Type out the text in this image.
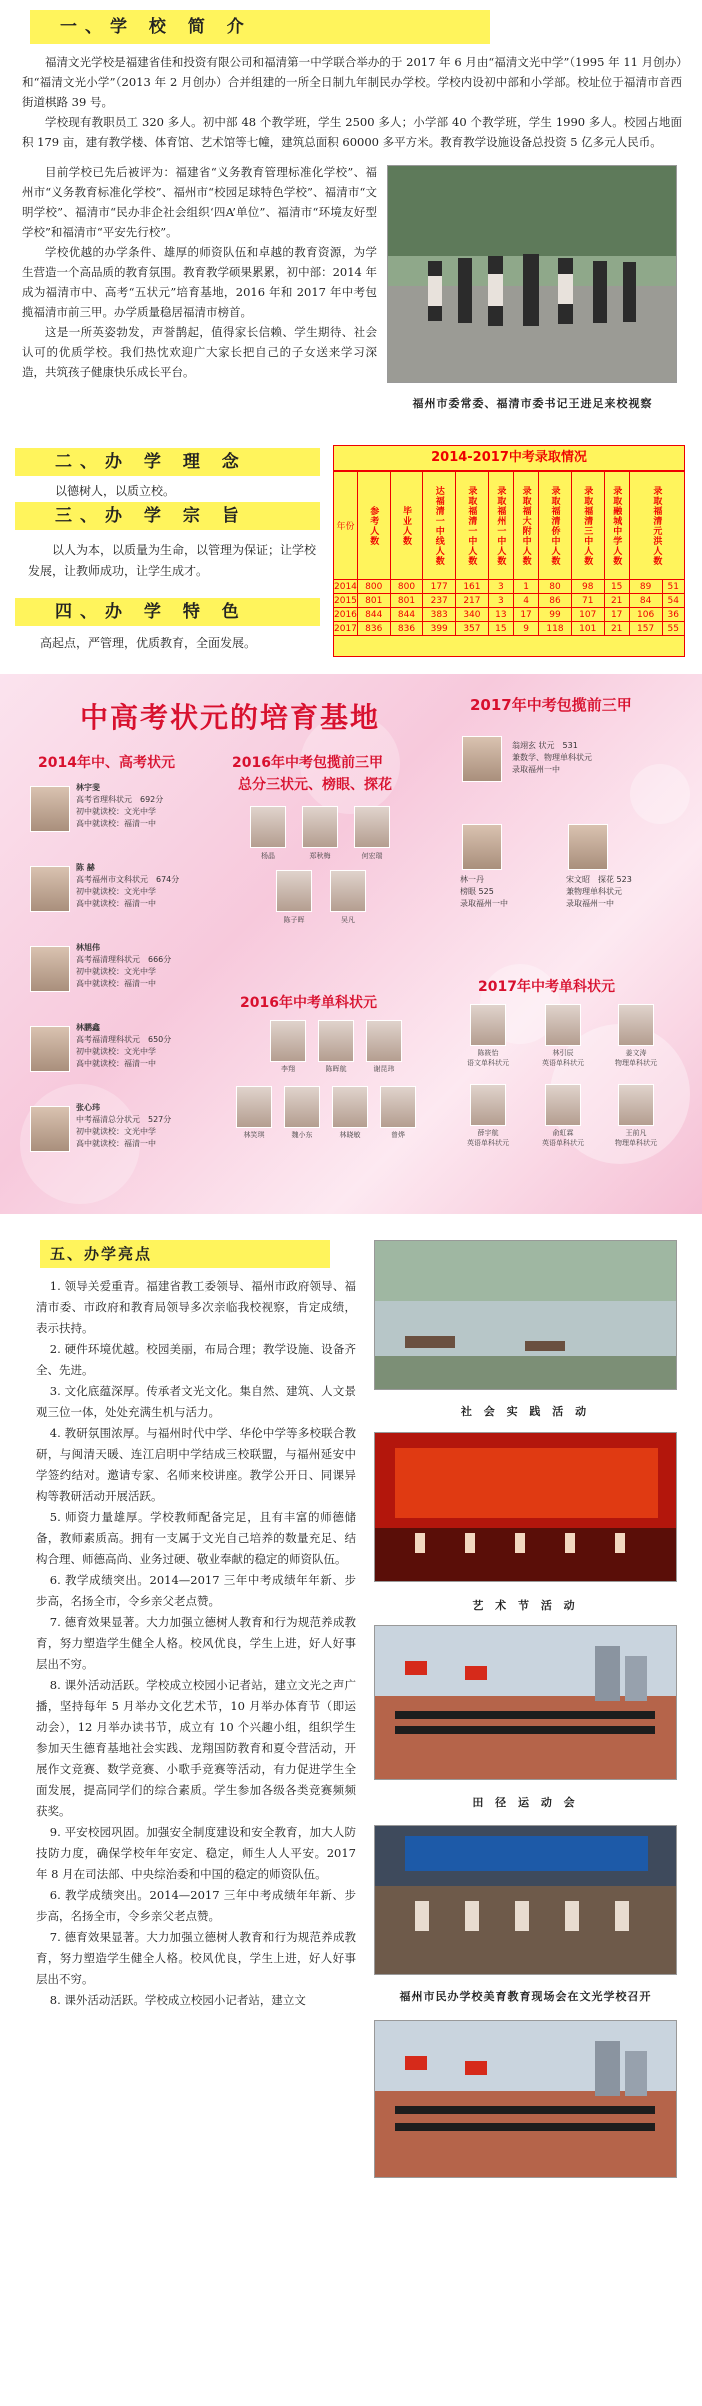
一、学 校 简 介

福清文光学校是福建省佳和投资有限公司和福清第一中学联合举办的于 2017 年 6 月由“福清文光中学”（1995 年 11 月创办）和“福清文光小学”（2013 年 2 月创办）合并组建的一所全日制九年制民办学校。学校内设初中部和小学部。校址位于福清市音西街道棋路 39 号。

学校现有教职员工 320 多人。初中部 48 个教学班，学生 2500 多人；小学部 40 个教学班，学生 1990 多人。校园占地面积 179 亩，建有教学楼、体育馆、艺术馆等七幢，建筑总面积 60000 多平方米。教育教学设施设备总投资 5 亿多元人民币。

目前学校已先后被评为：福建省“义务教育管理标准化学校”、福州市“义务教育标准化学校”、福州市“校园足球特色学校”、福清市“文明学校”、福清市“民办非企社会组织‘四A’单位”、福清市“环境友好型学校”和福清市“平安先行校”。

学校优越的办学条件、雄厚的师资队伍和卓越的教育资源，为学生营造一个高品质的教育氛围。教育教学硕果累累，初中部：2014 年成为福清市中、高考“五状元”培育基地，2016 年和 2017 年中考包揽福清市前三甲。办学质量稳居福清市榜首。

这是一所英姿勃发，声誉鹊起，值得家长信赖、学生期待、社会认可的优质学校。我们热忱欢迎广大家长把自己的子女送来学习深造，共筑孩子健康快乐成长平台。

福州市委常委、福清市委书记王进足来校视察
二、办 学 理 念
以德树人，以质立校。
三、办 学 宗 旨
以人为本，以质量为生命，以管理为保证；让学校发展，让教师成功，让学生成才。
四、办 学 特 色
高起点，严管理，优质教育，全面发展。
2014-2017中考录取情况
年份	参考人数	毕业人数	达福清一中线人数	录取福清一中人数	录取福州一中人数	录取福大附中人数	录取福清侨中人数	录取福清三中人数	录取融城中学人数	录取福清元洪人数	
2014	800	800	177	161	3	1	80	98	15	89	51
2015	801	801	237	217	3	4	86	71	21	84	54
2016	844	844	383	340	13	17	99	107	17	106	36
2017	836	836	399	357	15	9	118	101	21	157	55
中高考状元的培育基地	2017年中考包揽前三甲
2014年中、高考状元	2016年中考包揽前三甲
总分三状元、榜眼、探花
2016年中考单科状元
2017年中考单科状元
林宇斐
高考省理科状元　692分
初中就读校：文光中学
高中就读校：福清一中
陈 赫
高考福州市文科状元　674分
初中就读校：文光中学
高中就读校：福清一中
林旭伟
高考福清理科状元　666分
初中就读校：文光中学
高中就读校：福清一中
林鹏鑫
高考福清理科状元　650分
初中就读校：文光中学
高中就读校：福清一中
张心玮
中考福清总分状元　527分
初中就读校：文光中学
高中就读校：福清一中
杨晶	郑秋梅	何宏瑞
陈子晖	吴凡
翁翊玄 状元　531
兼数学、物理单科状元
录取福州一中
林一丹
榜眼 525
录取福州一中
宋文昭　探花 523
兼物理单科状元
录取福州一中
李翔	陈晖航	谢昆玮
林笑琪	魏小东	林晓敏	曾烨
陈筱怡
语文单科状元
林引辰
英语单科状元
姜文涛
物理单科状元
薛宇航
英语单科状元
俞虹霖
英语单科状元
王前凡
物理单科状元
五、办学亮点

1. 领导关爱重青。福建省教工委领导、福州市政府领导、福清市委、市政府和教育局领导多次亲临我校视察，肯定成绩，表示扶持。

2. 硬件环境优越。校园美丽，布局合理；教学设施、设备齐全、先进。

3. 文化底蕴深厚。传承者文光文化。集自然、建筑、人文景观三位一体，处处充满生机与活力。

4. 教研氛围浓厚。与福州时代中学、华伦中学等多校联合教研，与闽清天暖、连江启明中学结成三校联盟，与福州延安中学签约结对。邀请专家、名师来校讲座。教学公开日、同课异构等教研活动开展活跃。

5. 师资力量雄厚。学校教师配备完足，且有丰富的师德储备，教师素质高。拥有一支属于文光自己培养的数量充足、结构合理、师德高尚、业务过硬、敬业奉献的稳定的师资队伍。

6. 教学成绩突出。2014—2017 三年中考成绩年年新、步步高，名扬全市，令乡亲父老点赞。

7. 德育效果显著。大力加强立德树人教育和行为规范养成教育，努力塑造学生健全人格。校风优良，学生上进，好人好事层出不穷。

8. 课外活动活跃。学校成立校园小记者站，建立文光之声广播，坚持每年 5 月举办文化艺术节，10 月举办体育节（即运动会），12 月举办读书节，成立有 10 个兴趣小组，组织学生参加天生德育基地社会实践、龙翔国防教育和夏令营活动，开展作文竞赛、数学竞赛、小歌手竞赛等活动，有力促进学生全面发展，提高同学们的综合素质。学生参加各级各类竞赛频频获奖。

9. 平安校园巩固。加强安全制度建设和安全教育，加大人防技防力度，确保学校年年安定、稳定，师生人人平安。2017 年 8 月在司法部、中央综治委和中国的稳定的师资队伍。

6. 教学成绩突出。2014—2017 三年中考成绩年年新、步步高，名扬全市，令乡亲父老点赞。

7. 德育效果显著。大力加强立德树人教育和行为规范养成教育，努力塑造学生健全人格。校风优良，学生上进，好人好事层出不穷。

8. 课外活动活跃。学校成立校园小记者站，建立文

社 会 实 践 活 动
艺 术 节 活 动
田 径 运 动 会
福州市民办学校美育教育现场会在文光学校召开
